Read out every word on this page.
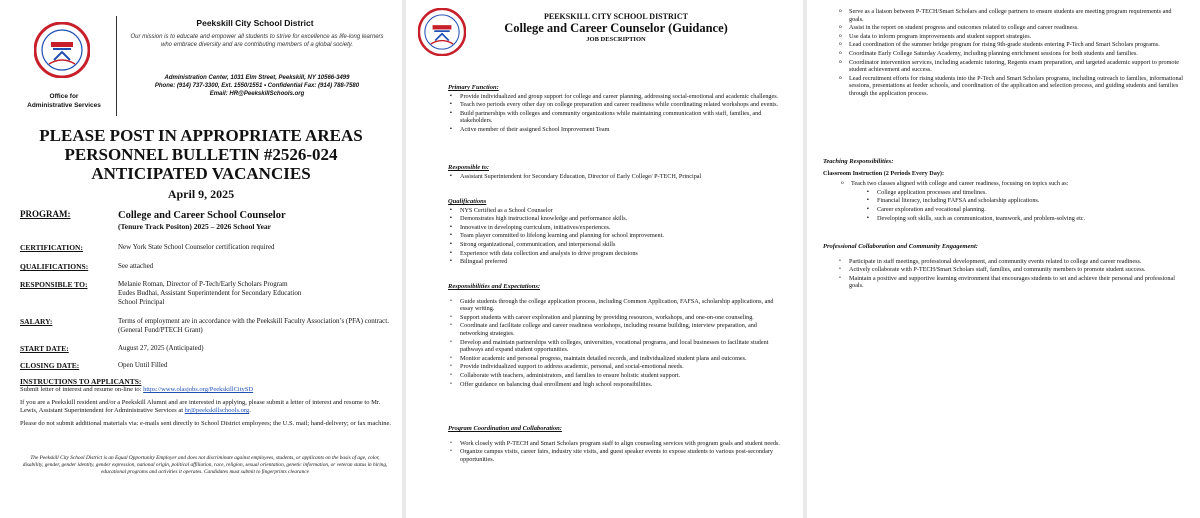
Office for
Administrative Services
Peekskill City School District
Our mission is to educate and empower all students to strive for excellence as life-long learners who embrace diversity and are contributing members of a global society.
Administration Center, 1031 Elm Street, Peekskill, NY 10566-3499
Phone: (914) 737-3300, Ext. 1550/1551 • Confidential Fax: (914) 788-7580
Email: HR@PeekskillSchools.org
PLEASE POST IN APPROPRIATE AREAS
PERSONNEL BULLETIN #2526-024
ANTICIPATED VACANCIES
April 9, 2025
PROGRAM:	College and Career School Counselor
(Tenure Track Positon) 2025 – 2026 School Year
CERTIFICATION:	New York State School Counselor certification required
QUALIFICATIONS:	See attached
RESPONSIBLE TO:	Melanie Roman, Director of P-Tech/Early Scholars Program
Eudes Budhai, Assistant Superintendent for Secondary Education
School Principal
SALARY:	Terms of employment are in accordance with the Peekskill Faculty Association’s (PFA) contract. (General Fund/PTECH Grant)
START DATE:	August 27, 2025 (Anticipated)
CLOSING DATE:	Open Until Filled
INSTRUCTIONS TO APPLICANTS:

Submit letter of interest and resume on-line to: https://www.olasjobs.org/PeekskillCitySD

If you are a Peekskill resident and/or a Peekskill Alumni and are interested in applying, please submit a letter of interest and resume to Mr. Lewis, Assistant Superintendent for Administrative Services at hr@peekskillschools.org.

Please do not submit additional materials via: e-mails sent directly to School District employees; the U.S. mail; hand-delivery; or fax machine.

The Peekskill City School District is an Equal Opportunity Employer and does not discriminate against employees, students, or applicants on the basis of age, color, disability, gender, gender identity, gender expression, national origin, political affiliation, race, religion, sexual orientation, genetic information, or veteran status in hiring, educational programs and activities it operates. Candidates must submit to fingerprints clearance
PEEKSKILL CITY SCHOOL DISTRICT
College and Career Counselor (Guidance)
JOB DESCRIPTION
Primary Function:
▪ Provide individualized and group support for college and career planning, addressing social-emotional and academic challenges.
▪ Teach two periods every other day on college preparation and career readiness while coordinating related workshops and events.
▪ Build partnerships with colleges and community organizations while maintaining communication with staff, families, and stakeholders.
▪ Active member of their assigned School Improvement Team
Responsible to:
▪ Assistant Superintendent for Secondary Education, Director of Early College/ P-TECH, Principal
Qualifications
▪ NYS Certified as a School Counselor
▪ Demonstrates high instructional knowledge and performance skills.
▪ Innovative in developing curriculum, initiatives/experiences.
▪ Team player committed to lifelong learning and planning for school improvement.
▪ Strong organizational, communication, and interpersonal skills
▪ Experience with data collection and analysis to drive program decisions
▪ Bilingual preferred
Responsibilities and Expectations:
• Guide students through the college application process, including Common Application, FAFSA, scholarship applications, and essay writing.
• Support students with career exploration and planning by providing resources, workshops, and one-on-one counseling.
• Coordinate and facilitate college and career readiness workshops, including resume building, interview preparation, and networking strategies.
• Develop and maintain partnerships with colleges, universities, vocational programs, and local businesses to facilitate student pathways and expand student opportunities.
• Monitor academic and personal progress, maintain detailed records, and individualized student plans and outcomes.
• Provide individualized support to address academic, personal, and social-emotional needs.
• Collaborate with teachers, administrators, and families to ensure holistic student support.
• Offer guidance on balancing dual enrollment and high school responsibilities.
Program Coordination and Collaboration:
• Work closely with P-TECH and Smart Scholars program staff to align counseling services with program goals and student needs.
• Organize campus visits, career fairs, industry site visits, and guest speaker events to expose students to various post-secondary opportunities.
o Serve as a liaison between P-TECH/Smart Scholars and college partners to ensure students are meeting program requirements and goals.
o Assist in the report on student progress and outcomes related to college and career readiness.
o Use data to inform program improvements and student support strategies.
o Lead coordination of the summer bridge program for rising 9th-grade students entering P-Tech and Smart Scholars programs.
o Coordinate Early College Saturday Academy, including planning enrichment sessions for both students and families.
o Coordinator intervention services, including academic tutoring, Regents exam preparation, and targeted academic support to promote student achievement and success.
o Lead recruitment efforts for rising students into the P-Tech and Smart Scholars programs, including outreach to families, informational sessions, presentations at feeder schools, and coordination of the application and selection process, and guiding students and families through the application process.
Teaching Responsibilities:
Classroom Instruction (2 Periods Every Day):
o Teach two classes aligned with college and career readiness, focusing on topics such as:
▪ College application processes and timelines.
▪ Financial literacy, including FAFSA and scholarship applications.
▪ Career exploration and vocational planning.
▪ Developing soft skills, such as communication, teamwork, and problem-solving etc.
Professional Collaboration and Community Engagement:
• Participate in staff meetings, professional development, and community events related to college and career readiness.
• Actively collaborate with P-TECH/Smart Scholars staff, families, and community members to promote student success.
• Maintain a positive and supportive learning environment that encourages students to set and achieve their personal and professional goals.
